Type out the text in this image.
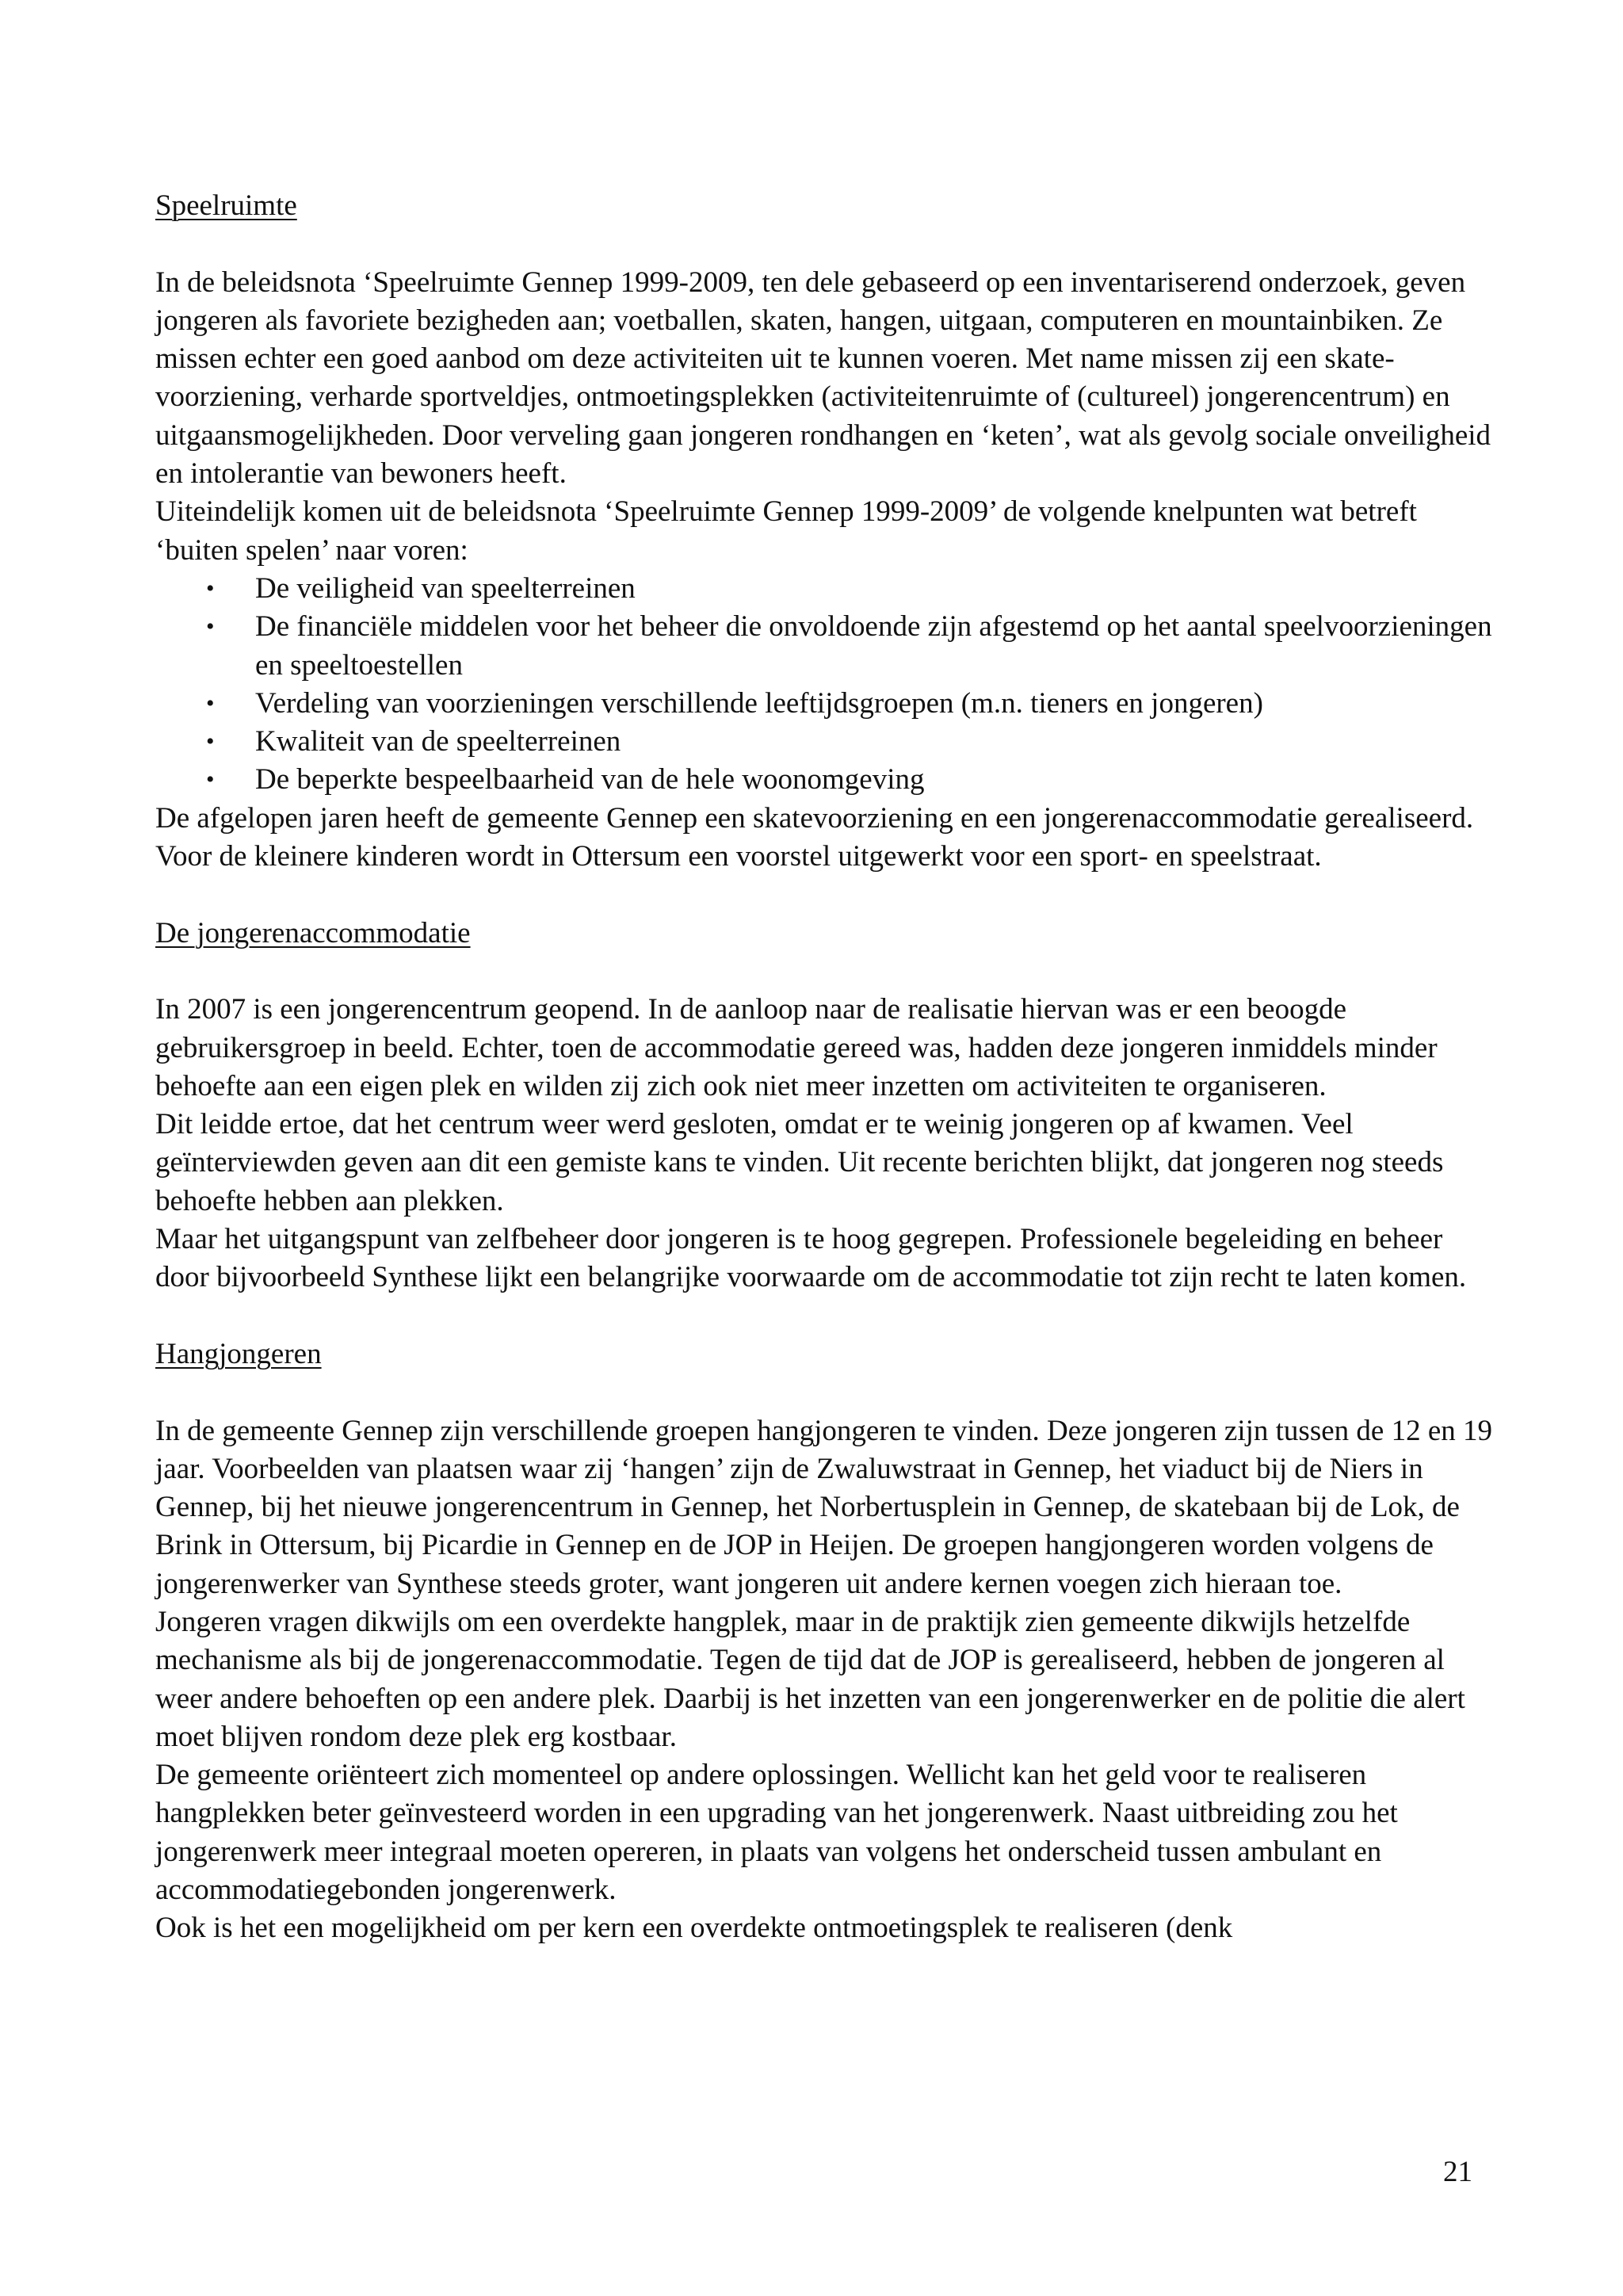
Speelruimte

In de beleidsnota ‘Speelruimte Gennep 1999-2009, ten dele gebaseerd op een inventariserend onderzoek, geven jongeren als favoriete bezigheden aan; voetballen, skaten, hangen, uitgaan, computeren en mountainbiken. Ze missen echter een goed aanbod om deze activiteiten uit te kunnen voeren. Met name missen zij een skate-voorziening, verharde sportveldjes, ontmoetingsplekken (activiteitenruimte of (cultureel) jongerencentrum) en uitgaansmogelijkheden. Door verveling gaan jongeren rondhangen en ‘keten’, wat als gevolg sociale onveiligheid en intolerantie van bewoners heeft.

Uiteindelijk komen uit de beleidsnota ‘Speelruimte Gennep 1999-2009’ de volgende knelpunten wat betreft ‘buiten spelen’ naar voren:

• De veiligheid van speelterreinen
• De financiële middelen voor het beheer die onvoldoende zijn afgestemd op het aantal speelvoorzieningen en speeltoestellen
• Verdeling van voorzieningen verschillende leeftijdsgroepen (m.n. tieners en jongeren)
• Kwaliteit van de speelterreinen
• De beperkte bespeelbaarheid van de hele woonomgeving

De afgelopen jaren heeft de gemeente Gennep een skatevoorziening en een jongerenaccommodatie gerealiseerd. Voor de kleinere kinderen wordt in Ottersum een voorstel uitgewerkt voor een sport- en speelstraat.

De jongerenaccommodatie

In 2007 is een jongerencentrum geopend. In de aanloop naar de realisatie hiervan was er een beoogde gebruikersgroep in beeld. Echter, toen de accommodatie gereed was, hadden deze jongeren inmiddels minder behoefte aan een eigen plek en wilden zij zich ook niet meer inzetten om activiteiten te organiseren.

Dit leidde ertoe, dat het centrum weer werd gesloten, omdat er te weinig jongeren op af kwamen. Veel geïnterviewden geven aan dit een gemiste kans te vinden. Uit recente berichten blijkt, dat jongeren nog steeds behoefte hebben aan plekken.

Maar het uitgangspunt van zelfbeheer door jongeren is te hoog gegrepen. Professionele begeleiding en beheer door bijvoorbeeld Synthese lijkt een belangrijke voorwaarde om de accommodatie tot zijn recht te laten komen.

Hangjongeren

In de gemeente Gennep zijn verschillende groepen hangjongeren te vinden. Deze jongeren zijn tussen de 12 en 19 jaar. Voorbeelden van plaatsen waar zij ‘hangen’ zijn de Zwaluwstraat in Gennep, het viaduct bij de Niers in Gennep, bij het nieuwe jongerencentrum in Gennep, het Norbertusplein in Gennep, de skatebaan bij de Lok, de Brink in Ottersum, bij Picardie in Gennep en de JOP in Heijen. De groepen hangjongeren worden volgens de jongerenwerker van Synthese steeds groter, want jongeren uit andere kernen voegen zich hieraan toe.

Jongeren vragen dikwijls om een overdekte hangplek, maar in de praktijk zien gemeente dikwijls hetzelfde mechanisme als bij de jongerenaccommodatie. Tegen de tijd dat de JOP is gerealiseerd, hebben de jongeren al weer andere behoeften op een andere plek. Daarbij is het inzetten van een jongerenwerker en de politie die alert moet blijven rondom deze plek erg kostbaar.

De gemeente oriënteert zich momenteel op andere oplossingen. Wellicht kan het geld voor te realiseren hangplekken beter geïnvesteerd worden in een upgrading van het jongerenwerk. Naast uitbreiding zou het jongerenwerk meer integraal moeten opereren, in plaats van volgens het onderscheid tussen ambulant en accommodatiegebonden jongerenwerk.

Ook is het een mogelijkheid om per kern een overdekte ontmoetingsplek te realiseren (denk

21
